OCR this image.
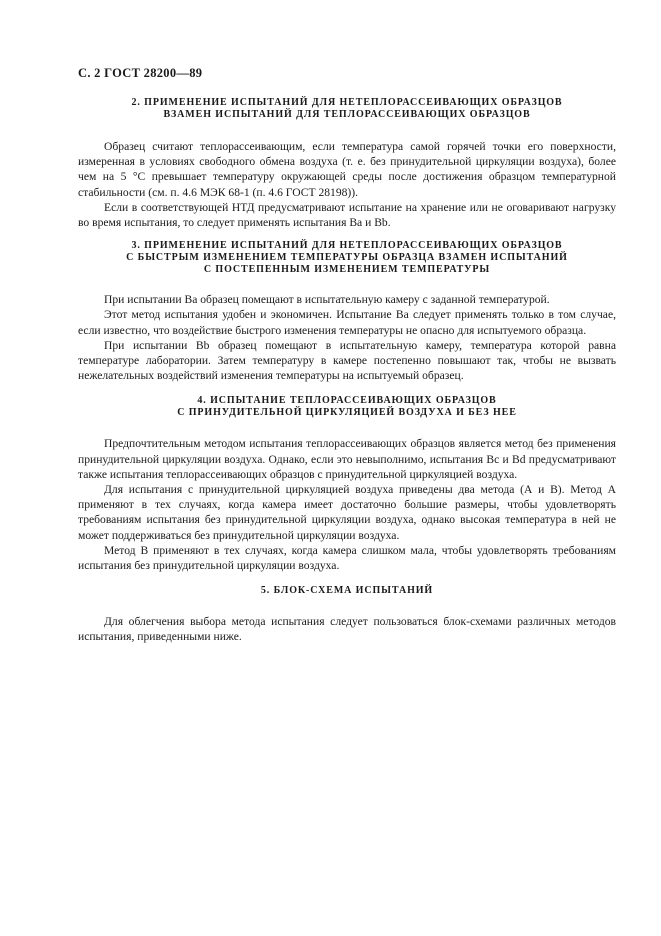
С. 2 ГОСТ 28200—89

2. ПРИМЕНЕНИЕ ИСПЫТАНИЙ ДЛЯ НЕТЕПЛОРАССЕИВАЮЩИХ ОБРАЗЦОВ

ВЗАМЕН ИСПЫТАНИЙ ДЛЯ ТЕПЛОРАССЕИВАЮЩИХ ОБРАЗЦОВ

Образец считают теплорассеивающим, если температура самой горячей точки его поверхности, измеренная в условиях свободного обмена воздуха (т. е. без принудительной циркуляции воздуха), более чем на 5 °С превышает температуру окружающей среды после достижения образцом температурной стабильности (см. п. 4.6 МЭК 68-1 (п. 4.6 ГОСТ 28198)).

Если в соответствующей НТД предусматривают испытание на хранение или не оговаривают нагрузку во время испытания, то следует применять испытания Ва и Вb.

3. ПРИМЕНЕНИЕ ИСПЫТАНИЙ ДЛЯ НЕТЕПЛОРАССЕИВАЮЩИХ ОБРАЗЦОВ

С БЫСТРЫМ ИЗМЕНЕНИЕМ ТЕМПЕРАТУРЫ ОБРАЗЦА ВЗАМЕН ИСПЫТАНИЙ

С ПОСТЕПЕННЫМ ИЗМЕНЕНИЕМ ТЕМПЕРАТУРЫ

При испытании Ва образец помещают в испытательную камеру с заданной температурой.

Этот метод испытания удобен и экономичен. Испытание Ва следует применять только в том случае, если известно, что воздействие быстрого изменения температуры не опасно для испытуемого образца.

При испытании Вb образец помещают в испытательную камеру, температура которой равна температуре лаборатории. Затем температуру в камере постепенно повышают так, чтобы не вызвать нежелательных воздействий изменения температуры на испытуемый образец.

4. ИСПЫТАНИЕ ТЕПЛОРАССЕИВАЮЩИХ ОБРАЗЦОВ

С ПРИНУДИТЕЛЬНОЙ ЦИРКУЛЯЦИЕЙ ВОЗДУХА И БЕЗ НЕЕ

Предпочтительным методом испытания теплорассеивающих образцов является метод без применения принудительной циркуляции воздуха. Однако, если это невыполнимо, испытания Вс и Вd предусматривают также испытания теплорассеивающих образцов с принудительной циркуляцией воздуха.

Для испытания с принудительной циркуляцией воздуха приведены два метода (А и В). Метод А применяют в тех случаях, когда камера имеет достаточно большие размеры, чтобы удовлетворять требованиям испытания без принудительной циркуляции воздуха, однако высокая температура в ней не может поддерживаться без принудительной циркуляции воздуха.

Метод В применяют в тех случаях, когда камера слишком мала, чтобы удовлетворять требованиям испытания без принудительной циркуляции воздуха.

5. БЛОК-СХЕМА ИСПЫТАНИЙ

Для облегчения выбора метода испытания следует пользоваться блок-схемами различных методов испытания, приведенными ниже.
